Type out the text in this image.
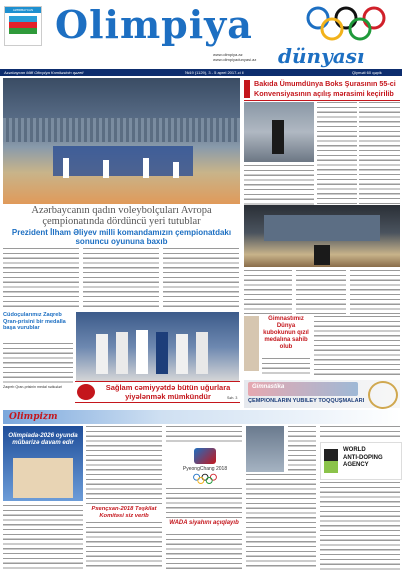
AZƏRBAYCAN Olimpiya
www.olimpiya.az
www.olimpiyadunyasi.az dünyası
Azərbaycan Milli Olimpiya Komitəsinin qəzeti	№19 (1129), 3 - 5 aprel 2017-ci il	Qiyməti 60 qəpik
Azərbaycanın qadın voleybolçuları Avropa çempionatında dördüncü yeri tutublar
Prezident İlham Əliyev milli komandamızın çempionatdakı sonuncu oyununa baxıb
Cüdoçularımız Zaqreb Qran-prisini bir medalla başa vurublar
Zaqreb Qran-prisinin medal nəticələri	Sağlam cəmiyyətdə bütün uğurlara yiyələnmək mümkündür	Səh. 3
Bakıda Ümumdünya Boks Şurasının 55-ci
Konvensiyasının açılış mərasimi keçirilib
Gimnastımız Dünya kubokunun qızıl medalına sahib olub
Gimnastika
ÇEMPIONLARIN YUBILEY TOQQUŞMALARI
Olimpizm
Olimpiada-2026 oyunda mübarizə davam edir
Pxençxan-2018 Təşkilat Komitəsi siz verib
PyeongChang 2018
WADA siyahını açıqlayıb
WORLD
ANTI-DOPING
AGENCY
